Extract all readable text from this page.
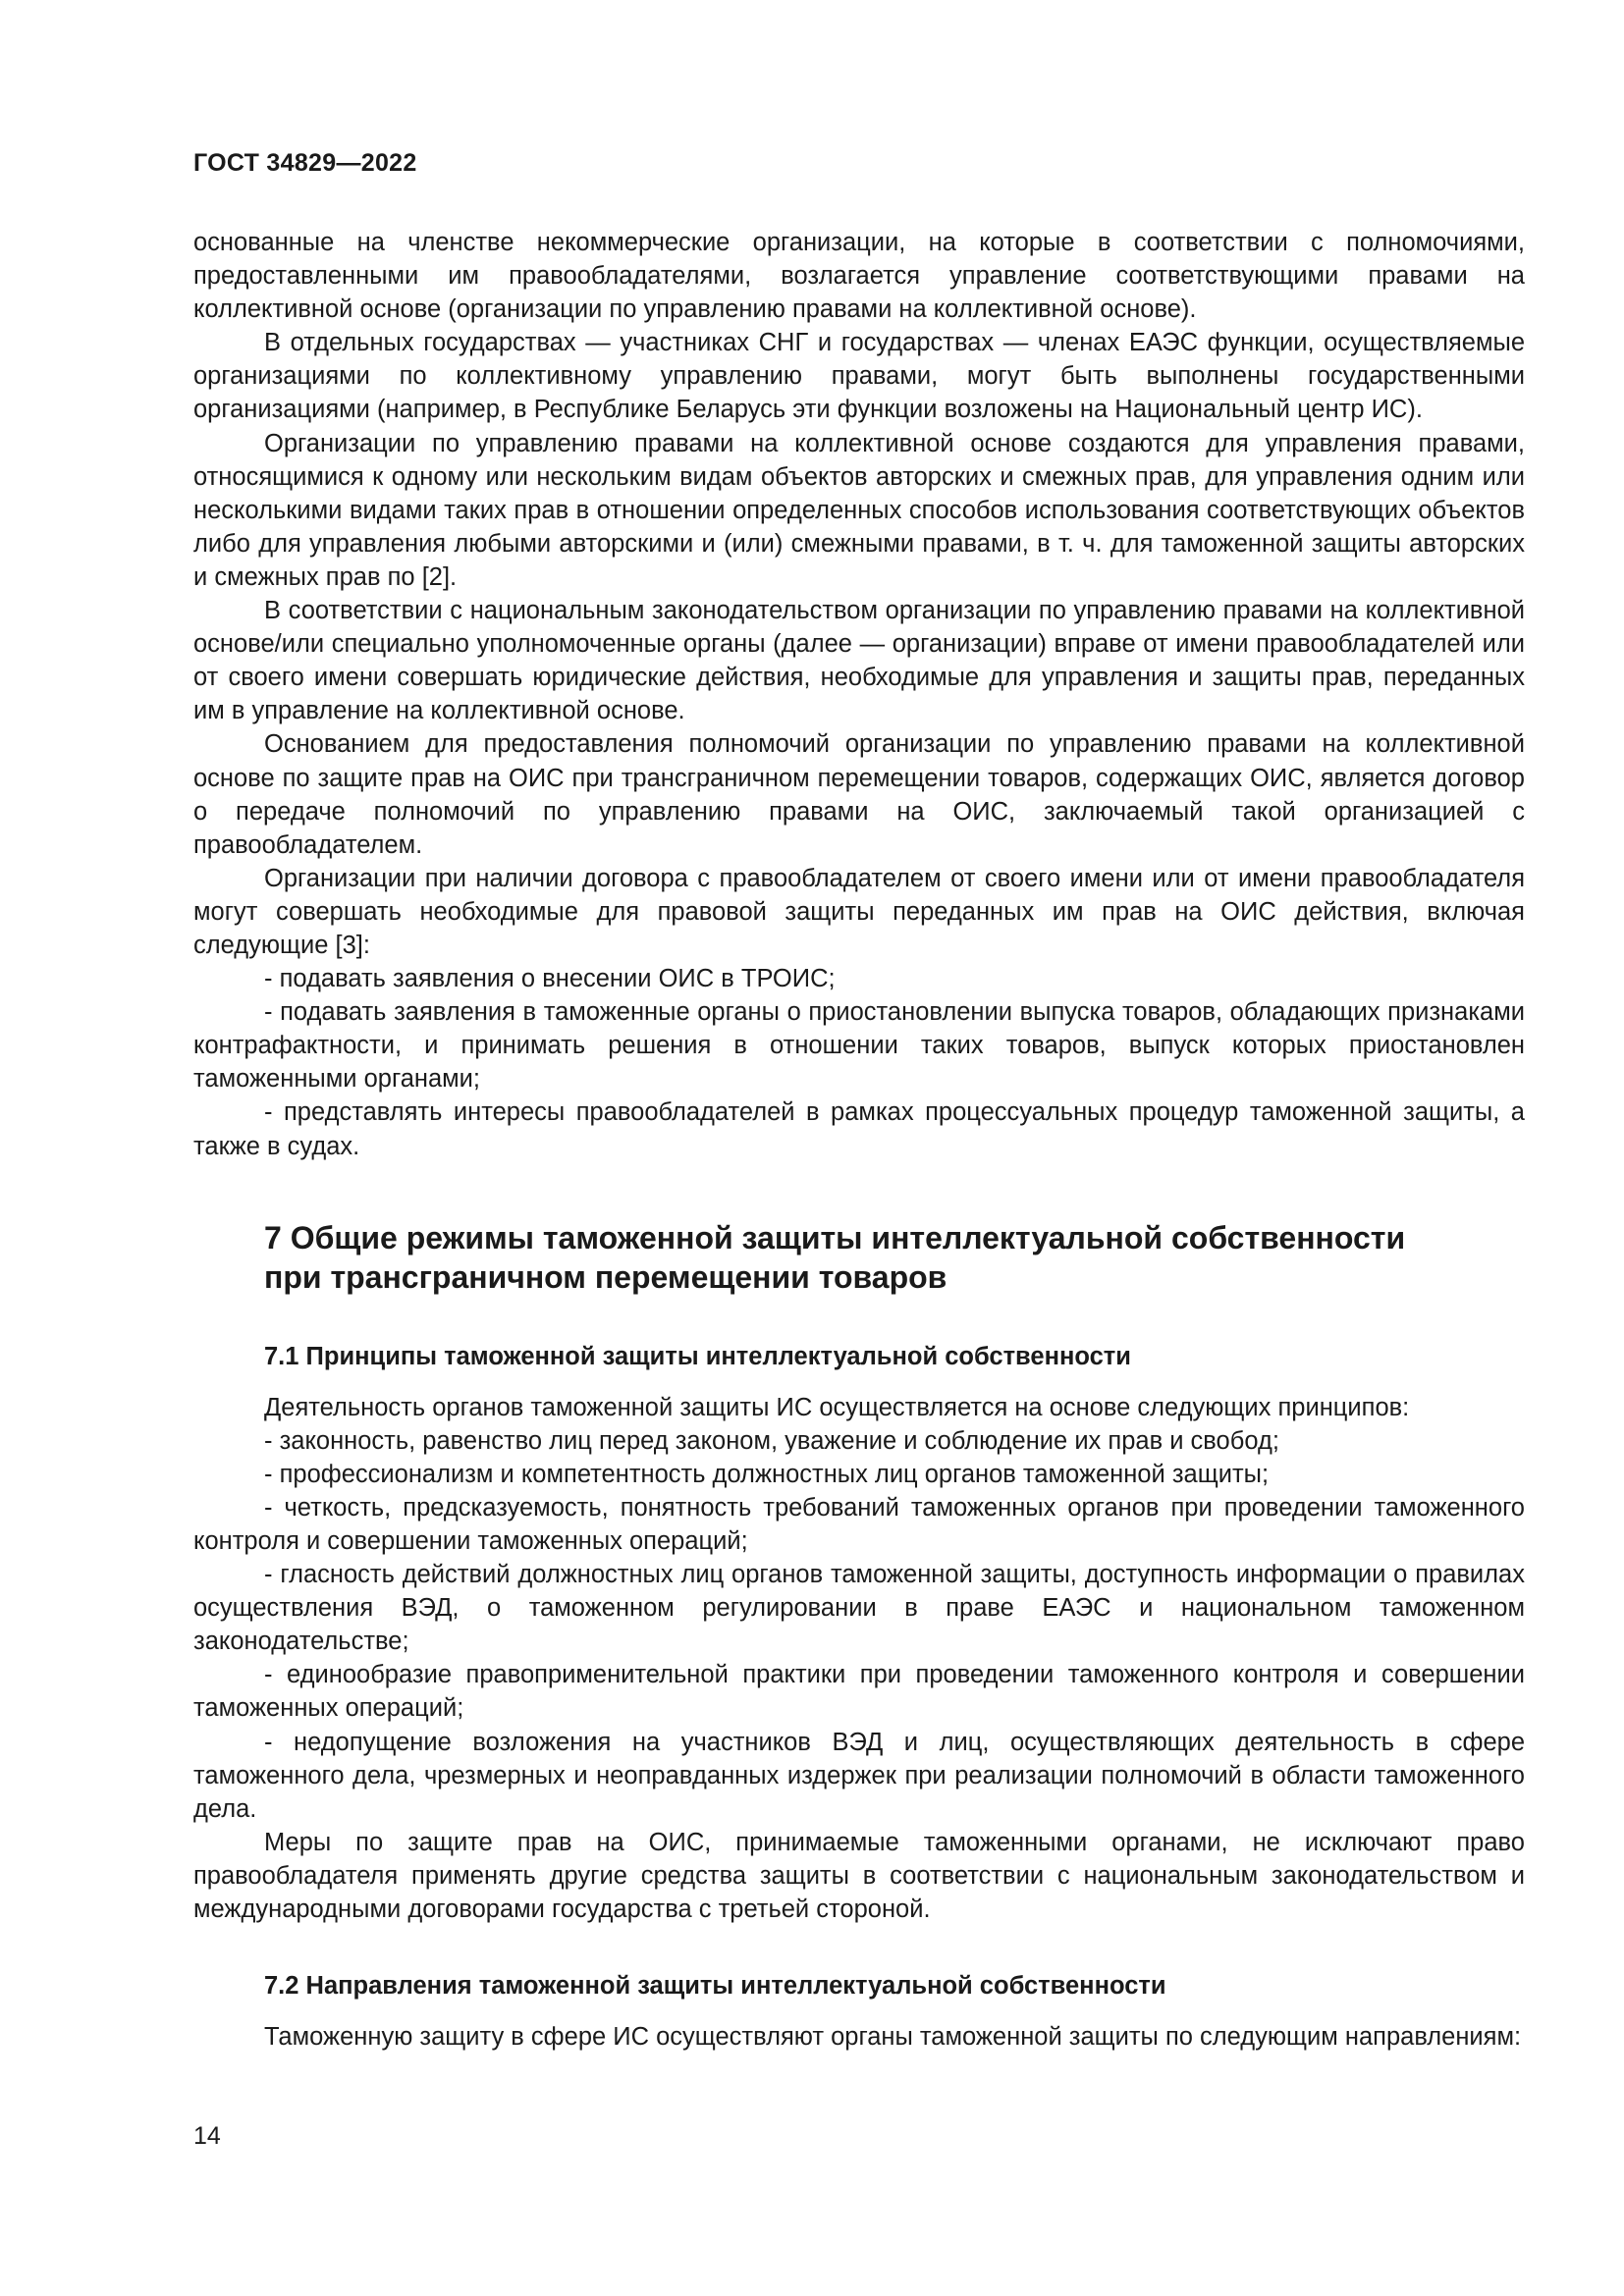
ГОСТ 34829—2022

основанные на членстве некоммерческие организации, на которые в соответствии с полномочиями, предоставленными им правообладателями, возлагается управление соответствующими правами на коллективной основе (организации по управлению правами на коллективной основе).

В отдельных государствах — участниках СНГ и государствах — членах ЕАЭС функции, осуществляемые организациями по коллективному управлению правами, могут быть выполнены государственными организациями (например, в Республике Беларусь эти функции возложены на Национальный центр ИС).

Организации по управлению правами на коллективной основе создаются для управления правами, относящимися к одному или нескольким видам объектов авторских и смежных прав, для управления одним или несколькими видами таких прав в отношении определенных способов использования соответствующих объектов либо для управления любыми авторскими и (или) смежными правами, в т. ч. для таможенной защиты авторских и смежных прав по [2].

В соответствии с национальным законодательством организации по управлению правами на коллективной основе/или специально уполномоченные органы (далее — организации) вправе от имени правообладателей или от своего имени совершать юридические действия, необходимые для управления и защиты прав, переданных им в управление на коллективной основе.

Основанием для предоставления полномочий организации по управлению правами на коллективной основе по защите прав на ОИС при трансграничном перемещении товаров, содержащих ОИС, является договор о передаче полномочий по управлению правами на ОИС, заключаемый такой организацией с правообладателем.

Организации при наличии договора с правообладателем от своего имени или от имени правообладателя могут совершать необходимые для правовой защиты переданных им прав на ОИС действия, включая следующие [3]:

- подавать заявления о внесении ОИС в ТРОИС;

- подавать заявления в таможенные органы о приостановлении выпуска товаров, обладающих признаками контрафактности, и принимать решения в отношении таких товаров, выпуск которых приостановлен таможенными органами;

- представлять интересы правообладателей в рамках процессуальных процедур таможенной защиты, а также в судах.

7 Общие режимы таможенной защиты интеллектуальной собственности
при трансграничном перемещении товаров
7.1 Принципы таможенной защиты интеллектуальной собственности

Деятельность органов таможенной защиты ИС осуществляется на основе следующих принципов:

- законность, равенство лиц перед законом, уважение и соблюдение их прав и свобод;

- профессионализм и компетентность должностных лиц органов таможенной защиты;

- четкость, предсказуемость, понятность требований таможенных органов при проведении таможенного контроля и совершении таможенных операций;

- гласность действий должностных лиц органов таможенной защиты, доступность информации о правилах осуществления ВЭД, о таможенном регулировании в праве ЕАЭС и национальном таможенном законодательстве;

- единообразие правоприменительной практики при проведении таможенного контроля и совершении таможенных операций;

- недопущение возложения на участников ВЭД и лиц, осуществляющих деятельность в сфере таможенного дела, чрезмерных и неоправданных издержек при реализации полномочий в области таможенного дела.

Меры по защите прав на ОИС, принимаемые таможенными органами, не исключают право правообладателя применять другие средства защиты в соответствии с национальным законодательством и международными договорами государства с третьей стороной.

7.2 Направления таможенной защиты интеллектуальной собственности

Таможенную защиту в сфере ИС осуществляют органы таможенной защиты по следующим направлениям:

14
